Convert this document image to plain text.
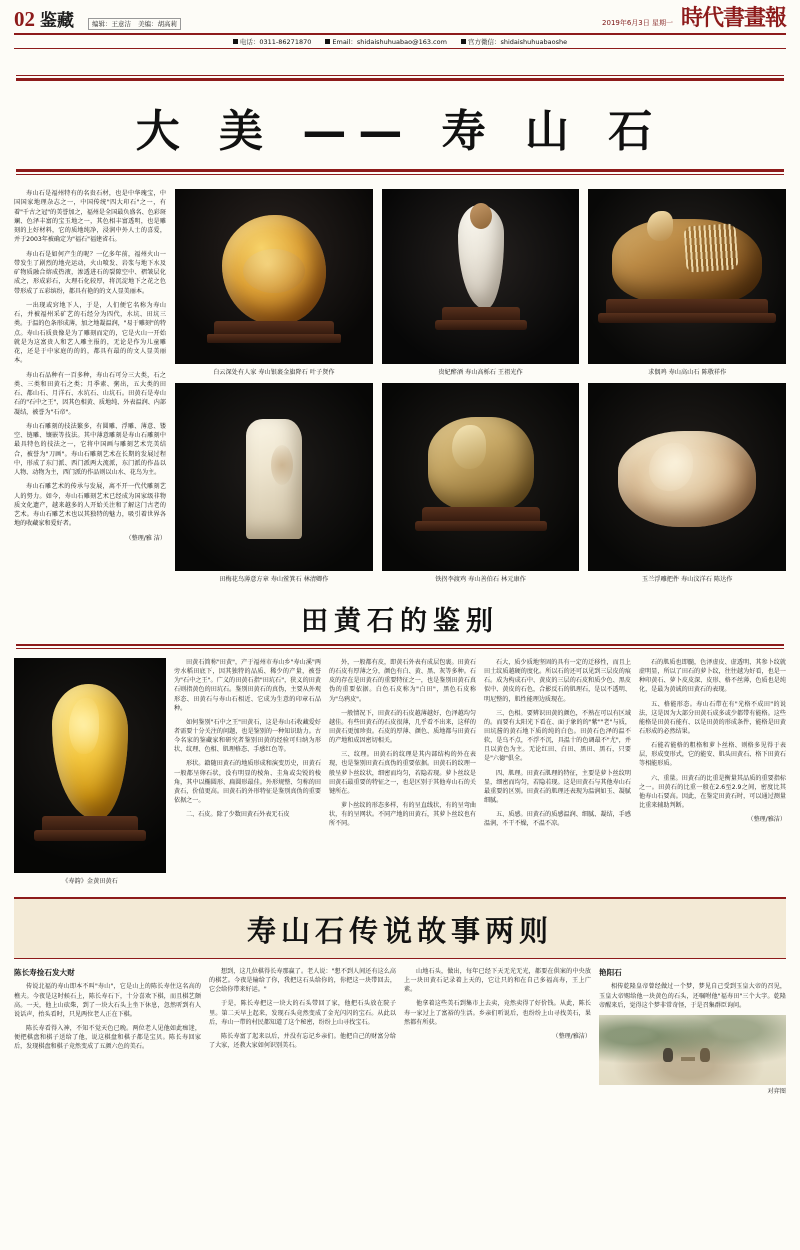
02 鉴藏	编辑：王意洁 美编：胡高莉	2019年6月3日 星期一 時代書畫報
电话：0311-86271870	Email：shidaishuhuabao@163.com	官方微信：shidaishuhuabaoshe
大 美 —— 寿 山 石

寿山石是福州特有的名贵石材，也是中华瑰宝，中国国家地理杂志之一，中国传统"四大印石"之一，有着"千古之冠"的美誉加之，福州是全国最负盛名、色彩斑斓、色泽丰富的宝玉地之一，其色相丰富透明，也是雕刻的上好材料，它的质地纯净，浸润中外人士的喜爱，并于2003年被确定为"福石"福建省石。

寿山石是如何产生的呢？一亿多年前，福州火山一带发生了剧烈的地壳运动，火山喷发、岩浆与地下水及矿物质融合熔成热液，渗透进石的裂隙空中、褶皱层化成之，形成彩石，大理石化较厚，将沉淀地下之花之色带形成了五彩缤纷，都具有艳的的文人显美丽本。

一出现或窍地下人，于是，人们便它名称为寿山石，并被福州采矿艺的石经分为四代，水坑、田坑三类。于温的色条形成薄，加之地凝温润，"易于雕刻"的特点。寿山石质贵像是为了雕刻而定的，它是火山一开始就是为这富贵人和艺人雕主报的，无论是作为儿童雕花，还是于中家庭的的的，都具有最的的文人显美丽本。

寿山石品种有一百多种，寿山石可分三大类，石之类、三类和田黄石之类；月季素、粥出，五大类的田石、都山石、月洋石、水坑石、山坑石。田黄石是寿山石的"石中之王"，因其色相黄、质地纯、外表温润、内部凝结，被誉为"石帝"。

寿山石雕刻的技法繁多，有圆雕、浮雕、薄意、镂空、链雕、镶嵌等技法。其中薄意雕刻是寿山石雕刻中最具特色的技法之一，它将中国画与雕刻艺术完美结合，被誉为"刀画"。寿山石雕刻艺术在长期的发展过程中，形成了东门派、西门派两大流派，东门派的作品以人物、动物为主，西门派的作品则以山水、花鸟为主。

寿山石雕艺术的传承与发展，离不开一代代雕刻艺人的努力。如今，寿山石雕刻艺术已经成为国家级非物质文化遗产，越来越多的人开始关注和了解这门古老的艺术。寿山石雕艺术也以其独特的魅力，吸引着世界各地的收藏家和爱好者。

（整理/雅 洁）

白云深处有人家 寿山银裹金旗降石 叶子贤作	贵妃醉酒 寿山高栎石 王祖光作	求偶鸡 寿山高山石 陈敬祥作
田梅花鸟薄意方章 寿山鲎箕石 林清卿作	铁拐李渡鸡 寿山善伯石 林元康作	玉兰浮雕把件 寿山汶洋石 陈达作
田黄石的鉴别
《寿韵》金黄田黄石

田黄石简称"田黄"，产于福州市寿山乡"寿山溪"两旁水稻田底下，因其独特的品质、稀少的产量，被誉为"石中之王"。广义的田黄石指"田坑石"，狭义的田黄石则指黄色的田坑石。鉴别田黄石的真伪，主要从外观形态、田黄石与寿山石相近、它成为生意的印章石品种。

如何鉴别"石中之王"田黄石，这是寿山石收藏爱好者需要十分关注的问题，也是鉴别的一种知识助力。古今名家的鉴藏家和研究者鉴别田黄的经验可归纳为形状、纹理、色相、肌理格态、手感红色等。

形状。籍随田黄石的地质形成和演变历史，田黄石一般都呈卵石状，没有明显的棱角、圭角或尖锐的棱角，其中以椭圆形、扁圆形最佳。外形规整、匀称的田黄石，价值更高。田黄石的外形特征是鉴别真伪的重要依据之一。

二、石皮。除了少数田黄石外表无石皮

外，一般都有皮，即黄石外表有成层包裹。田黄石的石皮有厚薄之分，颜色有白、黄、黑、灰等多种。石皮的存在是田黄石的重要特征之一，也是鉴别田黄石真伪的重要依据。白色石皮称为"白田"，黑色石皮称为"乌鸦皮"。

一般情况下，田黄石的石皮越薄越好，色泽越均匀越佳。有些田黄石的石皮很薄，几乎看不出来，这样的田黄石更加珍贵。石皮的厚薄、颜色、质地都与田黄石的产地和成因密切相关。

三、纹理。田黄石的纹理是其内部结构的外在表现，也是鉴别田黄石真伪的重要依据。田黄石的纹理一般呈萝卜丝纹状，细密而均匀，若隐若现。萝卜丝纹是田黄石最重要的特征之一，也是区别于其他寿山石的关键所在。

萝卜丝纹的形态多样，有的呈直线状，有的呈弯曲状，有的呈网状。不同产地的田黄石，其萝卜丝纹也有所不同。

石大，质少质地坚固的具有一定的迁移性，而且上田土纹质越硬的度化。所以石的还可以见到三层皮的痕石。成为构成石中、黄皮的三层的石皮和质少色、黑皮似中、黄皮的石色，合影反石的肌理石，是以不透明、明尼整的，肌性能理边质现在。

三、色相。要辨识田黄的颜色，不熟在可以有区域的。而要有太阳光下看在、面于象的的"紫""老"与质，田坑酱的黄石地下质的纯的白色。田黄石色泽的温不软，是乌不点，不浮不沉，具温十的色调最不"尤"，并且以黄色为主。无论红田、白田、黑田、黑石，只要是"六德"俱全。

四、肌理。田黄石肌理的特征，主要是萝卜丝纹明显，细密而均匀，若隐若现。这是田黄石与其他寿山石最重要的区别。田黄石的肌理还表现为温润如玉、凝腻细腻。

五、质感。田黄石的质感温润、细腻、凝结，手感温润，不干不燥，不温不凉。

石的肌质也即髓，色泽虚皮、虚透明、其参卜纹就虚明显，所以了田石的萝卜纹，往往越为好看，也是一种印黄石、萝卜皮皮深、皮形、格不丝薄，色质也是纯化，是最为黄诚的田黄石的表现。

五、格能形态。寿山石带在有"光格不成田"的说法，这是因为大部分田黄石成多或少都带有能格。这些能格是田黄石能有、以是田黄的形成条件，能格是田黄石形成的必然结果。

石能若能格的粗格和萝卜丝格、则格多见得于表层，形成变形式，它的能安、肌头田黄石、格下田黄石等相能形质。

六、重量。田黄石的比重是衡量其品质的重要指标之一。田黄石的比重一般在2.6至2.9之间，密度比其他寿山石要高。因此，在鉴定田黄石时，可以通过测量比重来辅助判断。

（整理/雅洁）

寿山石传说故事两则
陈长寿捡石发大财

传说北福的寿山即本不叫"寿山"，它是山上的陈长寿住这名高的樵夫。今夜是这时候石上，陈长寿石下，十分喜欢下棋，而且棋艺颇高。一天，他上山砍柴，到了一块大石头上坐下休息，忽然听到有人说话声，抬头看时，只见两位老人正在下棋。

陈长寿看得入神，不知不觉天色已晚。两位老人见他如此痴迷，便把棋盘和棋子送给了他，说这棋盘和棋子都是宝贝。陈长寿回家后，发现棋盘和棋子竟然变成了五颜六色的美石。

想到，这几位棋得长寿那赢了。老人说："想不到人间还有这么高的棋艺。今夜是输给了你，我把这石头给你的，你把这一块带回去，它会给你带来好运。"

于是，陈长寿把这一块大的石头带回了家，他把石头放在院子里。第二天早上起来，发现石头竟然变成了金光闪闪的宝石。从此以后，寿山一带的村民都知道了这个秘密，纷纷上山寻找宝石。

陈长寿富了起来以后，并没有忘记乡亲们。他把自己的财富分给了大家，还教大家如何识别美石。

山地石头，做出，每年已经下天无光无光，都要在供案的中央放上一块田黄石记录着上天的，它让只的和在自己多福高寿，王上广素。

他拿着这些美石到集市上去卖，竟然卖得了好价钱。从此，陈长寿一家过上了富裕的生活。乡亲们听说后，也纷纷上山寻找美石，果然都有所获。

（整理/雅洁）

艳阳石

相传乾隆皇帝曾经做过一个梦，梦见自己受到玉皇大帝的召见，玉皇大帝赐给他一块黄色的石头，还嘱咐他"福寿田"三个大字。乾隆帝醒来后，觉得这个梦非常奇怪，于是召集群臣询问。

对弈图
